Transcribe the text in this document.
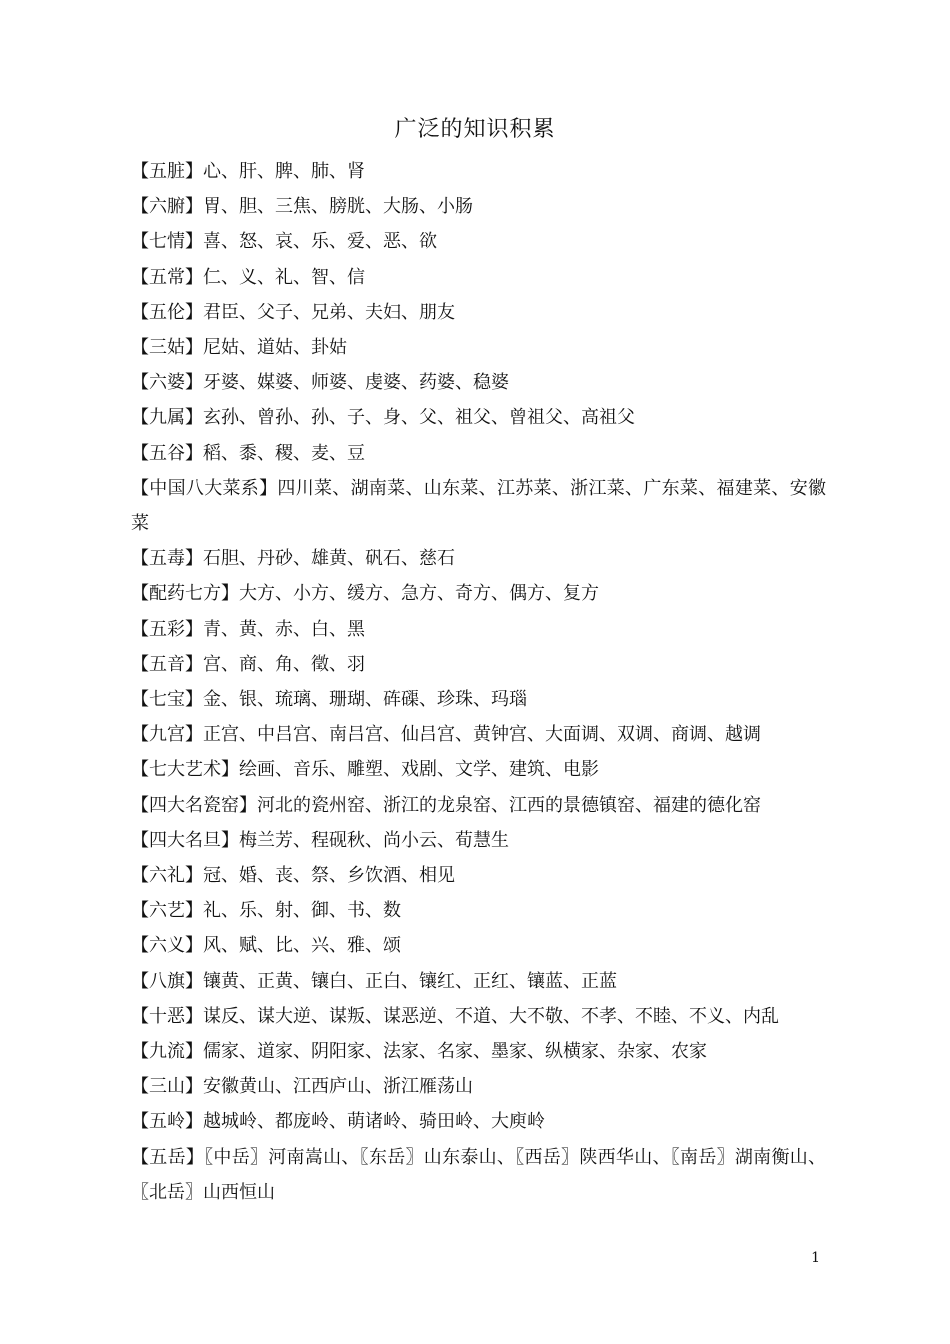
广泛的知识积累

【五脏】心、肝、脾、肺、肾

【六腑】胃、胆、三焦、膀胱、大肠、小肠

【七情】喜、怒、哀、乐、爱、恶、欲

【五常】仁、义、礼、智、信

【五伦】君臣、父子、兄弟、夫妇、朋友

【三姑】尼姑、道姑、卦姑

【六婆】牙婆、媒婆、师婆、虔婆、药婆、稳婆

【九属】玄孙、曾孙、孙、子、身、父、祖父、曾祖父、高祖父

【五谷】稻、黍、稷、麦、豆

【中国八大菜系】四川菜、湖南菜、山东菜、江苏菜、浙江菜、广东菜、福建菜、安徽菜

【五毒】石胆、丹砂、雄黄、矾石、慈石

【配药七方】大方、小方、缓方、急方、奇方、偶方、复方

【五彩】青、黄、赤、白、黑

【五音】宫、商、角、徵、羽

【七宝】金、银、琉璃、珊瑚、砗磲、珍珠、玛瑙

【九宫】正宫、中吕宫、南吕宫、仙吕宫、黄钟宫、大面调、双调、商调、越调

【七大艺术】绘画、音乐、雕塑、戏剧、文学、建筑、电影

【四大名瓷窑】河北的瓷州窑、浙江的龙泉窑、江西的景德镇窑、福建的德化窑

【四大名旦】梅兰芳、程砚秋、尚小云、荀慧生

【六礼】冠、婚、丧、祭、乡饮酒、相见

【六艺】礼、乐、射、御、书、数

【六义】风、赋、比、兴、雅、颂

【八旗】镶黄、正黄、镶白、正白、镶红、正红、镶蓝、正蓝

【十恶】谋反、谋大逆、谋叛、谋恶逆、不道、大不敬、不孝、不睦、不义、内乱

【九流】儒家、道家、阴阳家、法家、名家、墨家、纵横家、杂家、农家

【三山】安徽黄山、江西庐山、浙江雁荡山

【五岭】越城岭、都庞岭、萌诸岭、骑田岭、大庾岭

【五岳】〖中岳〗河南嵩山、〖东岳〗山东泰山、〖西岳〗陕西华山、〖南岳〗湖南衡山、〖北岳〗山西恒山

1
